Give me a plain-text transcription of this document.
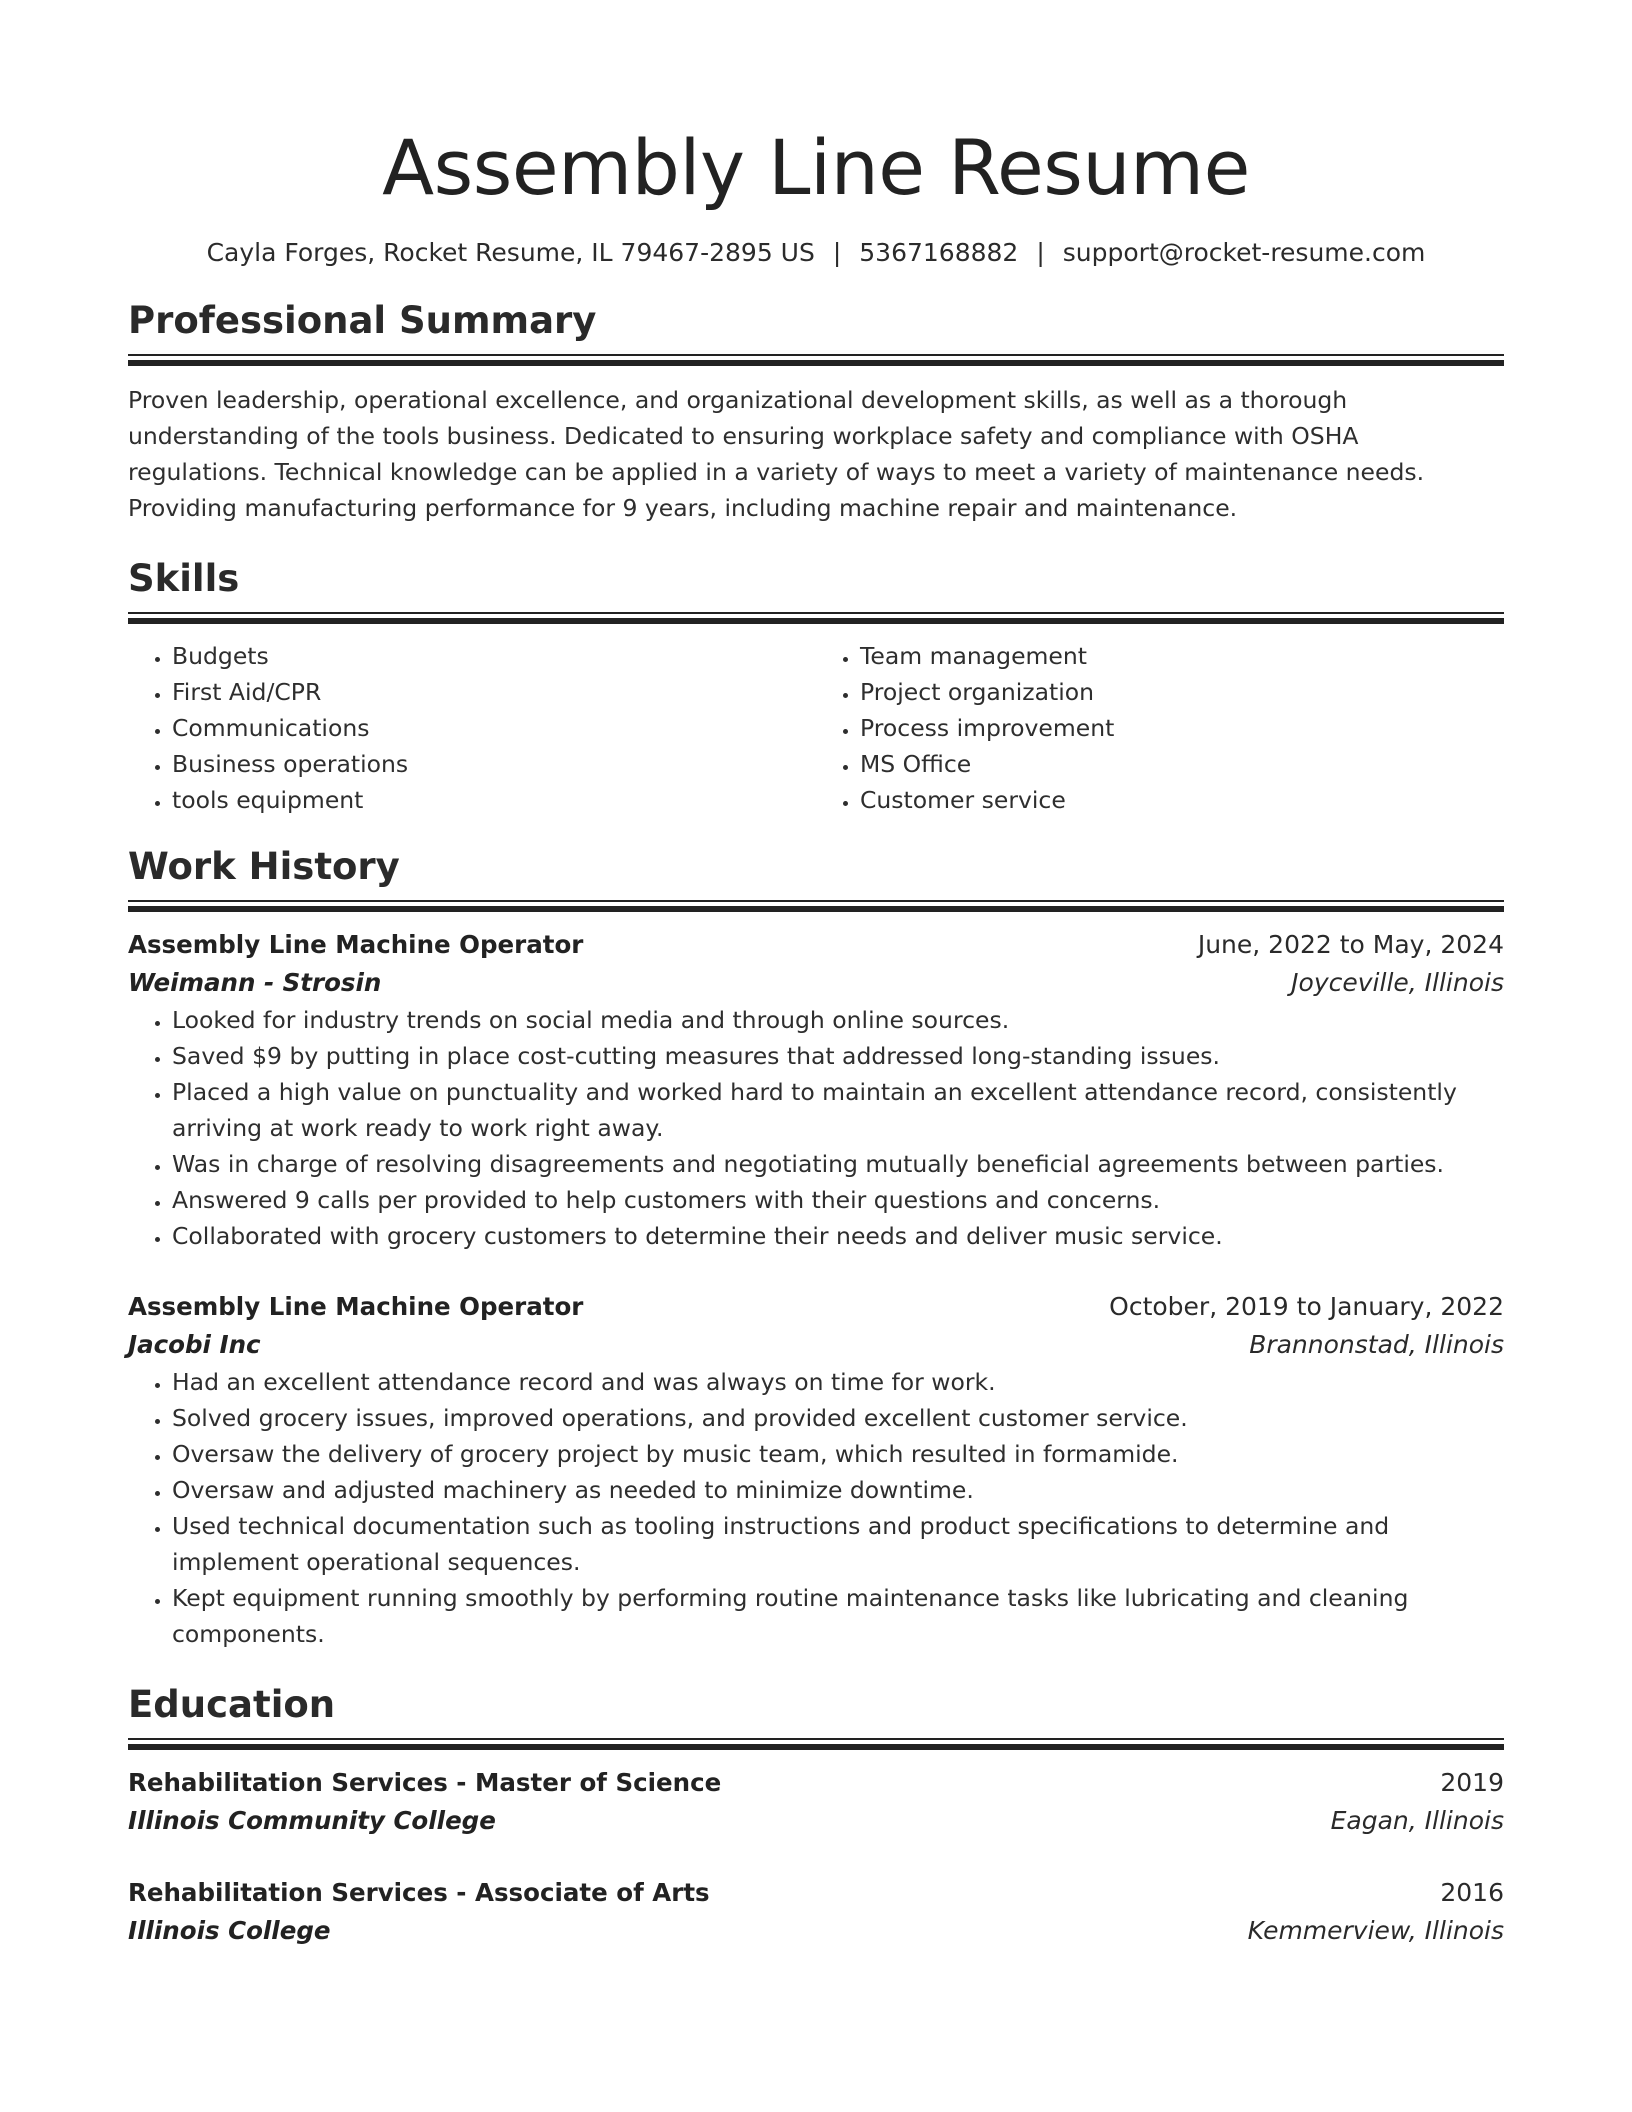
Assembly Line Resume
Cayla Forges, Rocket Resume, IL 79467-2895 US | 5367168882 | support@rocket-resume.com
Professional Summary
Proven leadership, operational excellence, and organizational development skills, as well as a thorough understanding of the tools business. Dedicated to ensuring workplace safety and compliance with OSHA regulations. Technical knowledge can be applied in a variety of ways to meet a variety of maintenance needs. Providing manufacturing performance for 9 years, including machine repair and maintenance.
Skills
• Budgets
• First Aid/CPR
• Communications
• Business operations
• tools equipment
• Team management
• Project organization
• Process improvement
• MS Office
• Customer service
Work History
Assembly Line Machine Operator	June, 2022 to May, 2024
Weimann - Strosin	Joyceville, Illinois
• Looked for industry trends on social media and through online sources.
• Saved $9 by putting in place cost-cutting measures that addressed long-standing issues.
• Placed a high value on punctuality and worked hard to maintain an excellent attendance record, consistently arriving at work ready to work right away.
• Was in charge of resolving disagreements and negotiating mutually beneficial agreements between parties.
• Answered 9 calls per provided to help customers with their questions and concerns.
• Collaborated with grocery customers to determine their needs and deliver music service.
Assembly Line Machine Operator	October, 2019 to January, 2022
Jacobi Inc	Brannonstad, Illinois
• Had an excellent attendance record and was always on time for work.
• Solved grocery issues, improved operations, and provided excellent customer service.
• Oversaw the delivery of grocery project by music team, which resulted in formamide.
• Oversaw and adjusted machinery as needed to minimize downtime.
• Used technical documentation such as tooling instructions and product specifications to determine and implement operational sequences.
• Kept equipment running smoothly by performing routine maintenance tasks like lubricating and cleaning components.
Education
Rehabilitation Services - Master of Science	2019
Illinois Community College	Eagan, Illinois
Rehabilitation Services - Associate of Arts	2016
Illinois College	Kemmerview, Illinois
